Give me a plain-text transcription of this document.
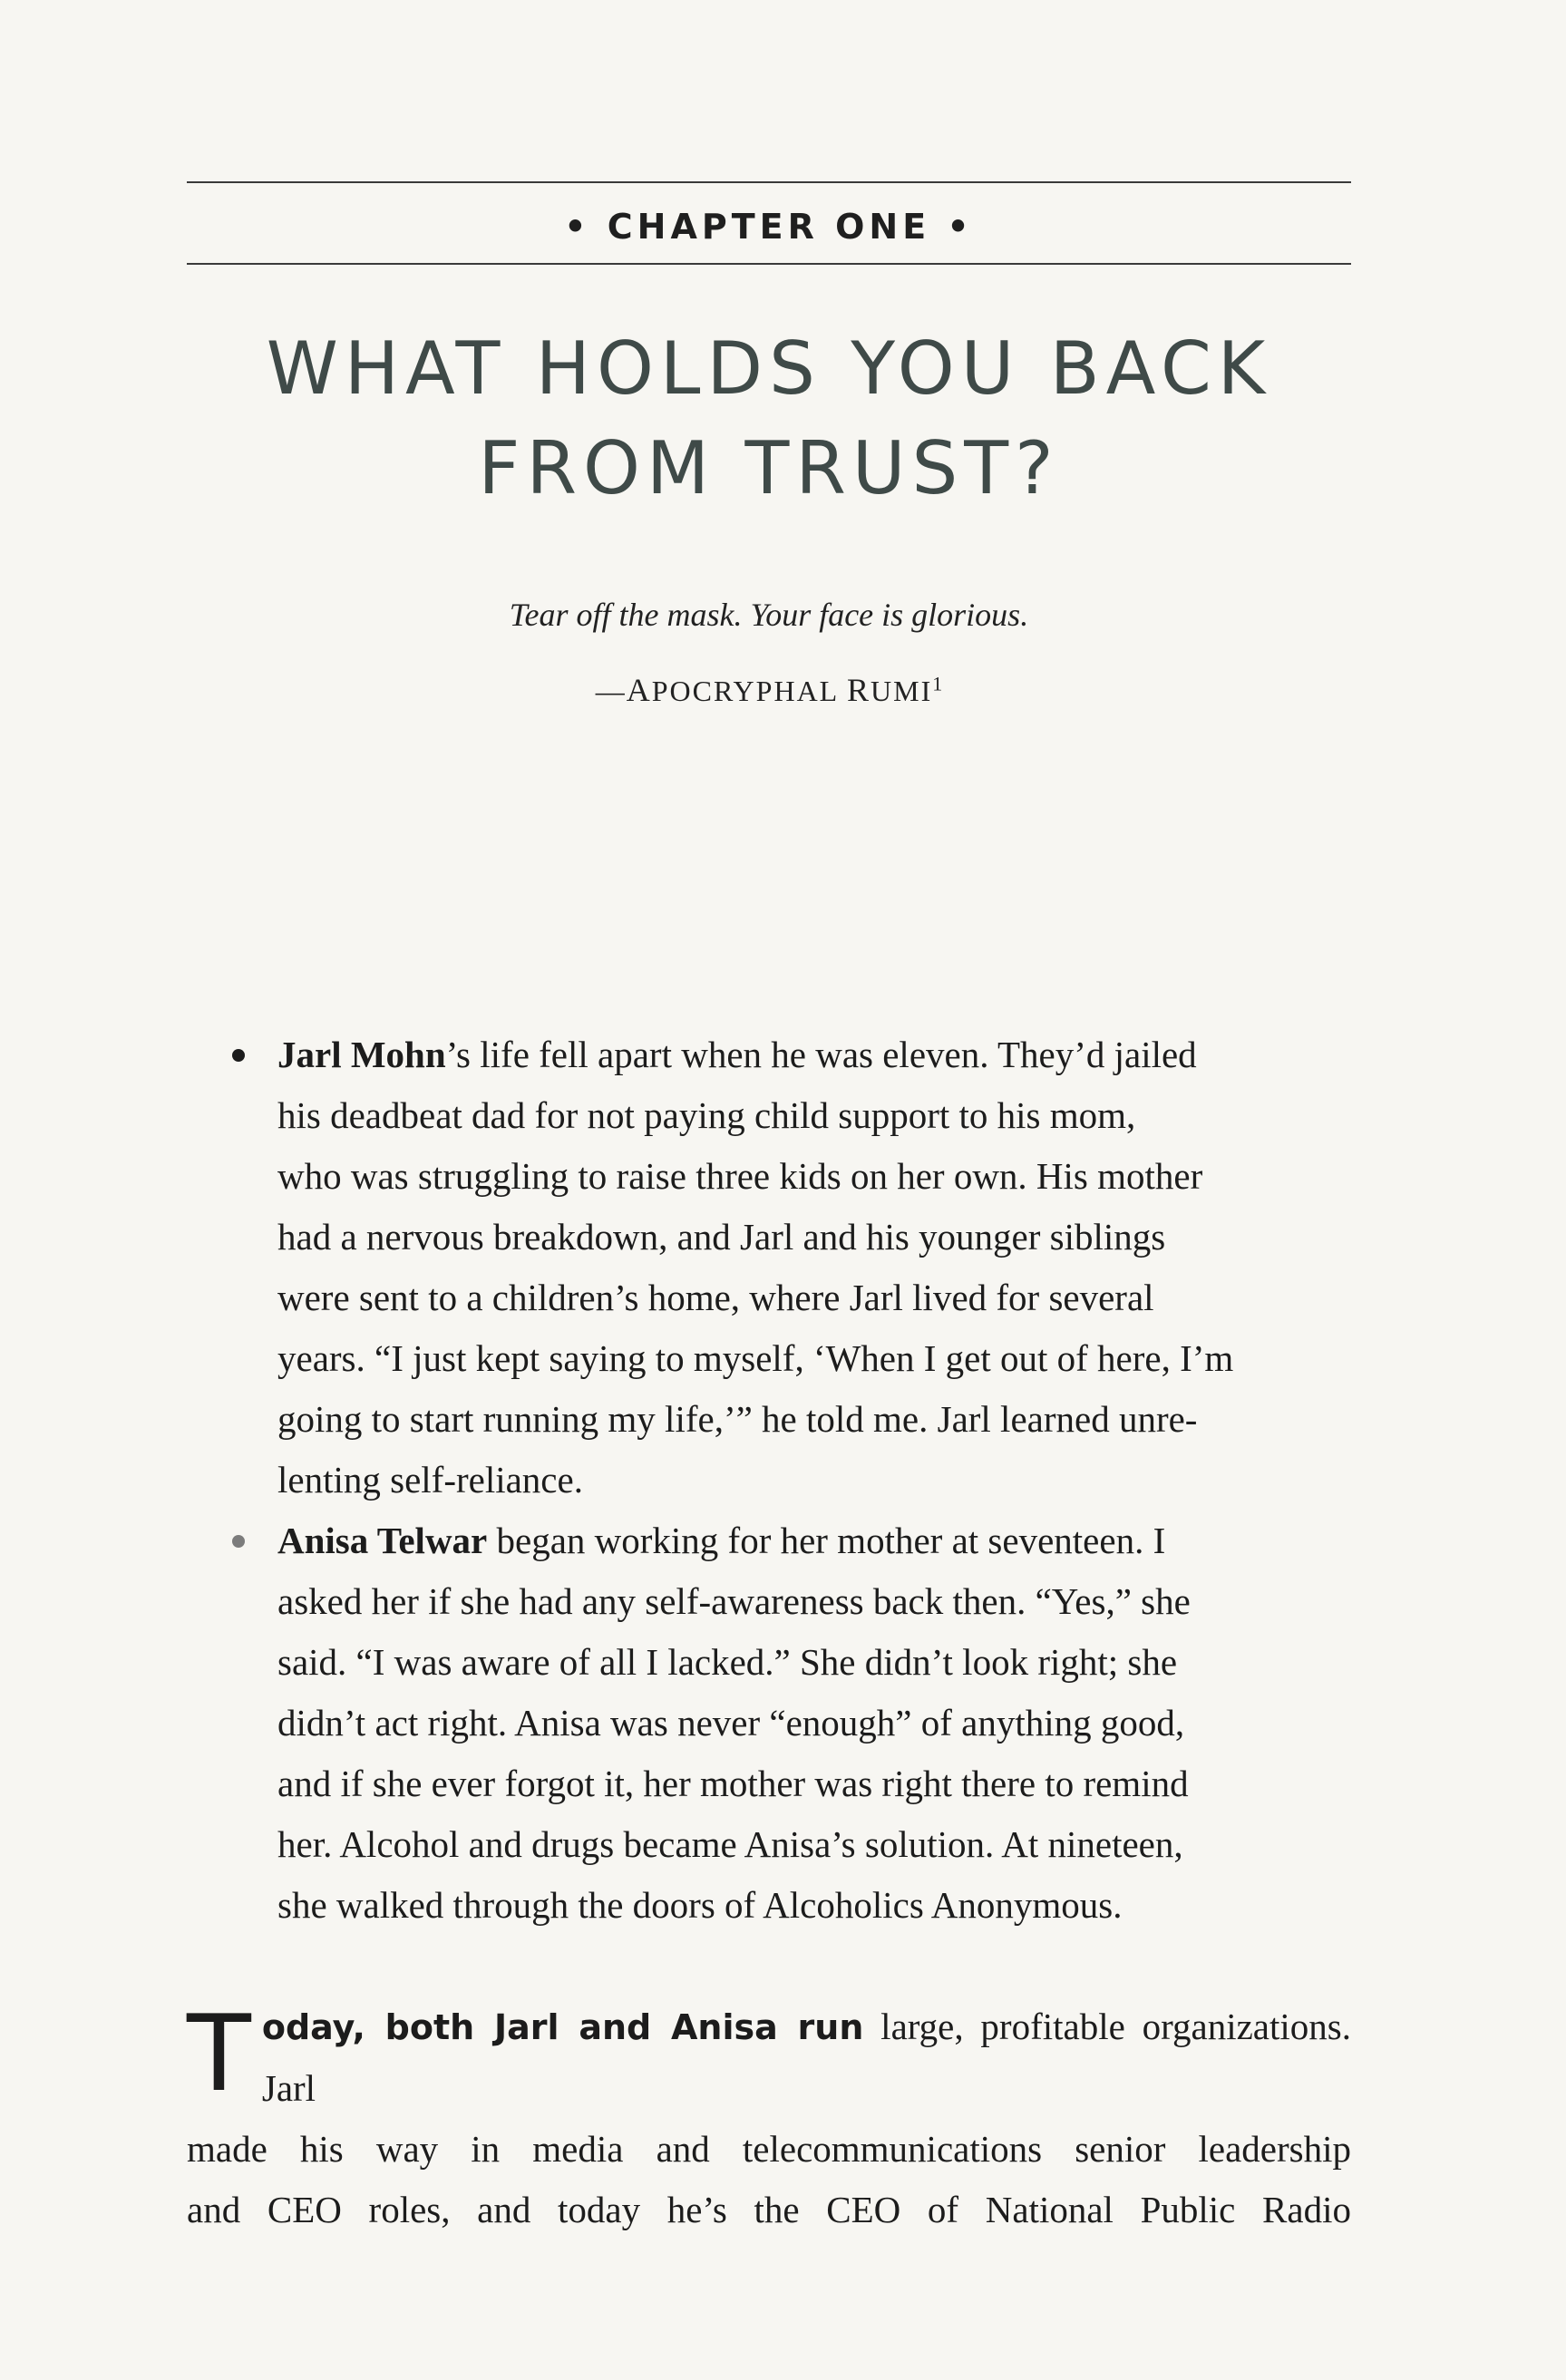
• CHAPTER ONE •
WHAT HOLDS YOU BACK
FROM TRUST?
Tear off the mask. Your face is glorious.
—APOCRYPHAL RUMI$^1$
Jarl Mohn’s life fell apart when he was eleven. They’d jailed
his deadbeat dad for not paying child support to his mom,
who was struggling to raise three kids on her own. His mother
had a nervous breakdown, and Jarl and his younger siblings
were sent to a children’s home, where Jarl lived for several
years. “I just kept saying to myself, ‘When I get out of here, I’m
going to start running my life,’” he told me. Jarl learned unre-
lenting self-reliance.
Anisa Telwar began working for her mother at seventeen. I
asked her if she had any self-awareness back then. “Yes,” she
said. “I was aware of all I lacked.” She didn’t look right; she
didn’t act right. Anisa was never “enough” of anything good,
and if she ever forgot it, her mother was right there to remind
her. Alcohol and drugs became Anisa’s solution. At nineteen,
she walked through the doors of Alcoholics Anonymous.
T oday, both Jarl and Anisa run large, profitable organizations. Jarl
made his way in media and telecommunications senior leadership
and CEO roles, and today he’s the CEO of National Public Radio
